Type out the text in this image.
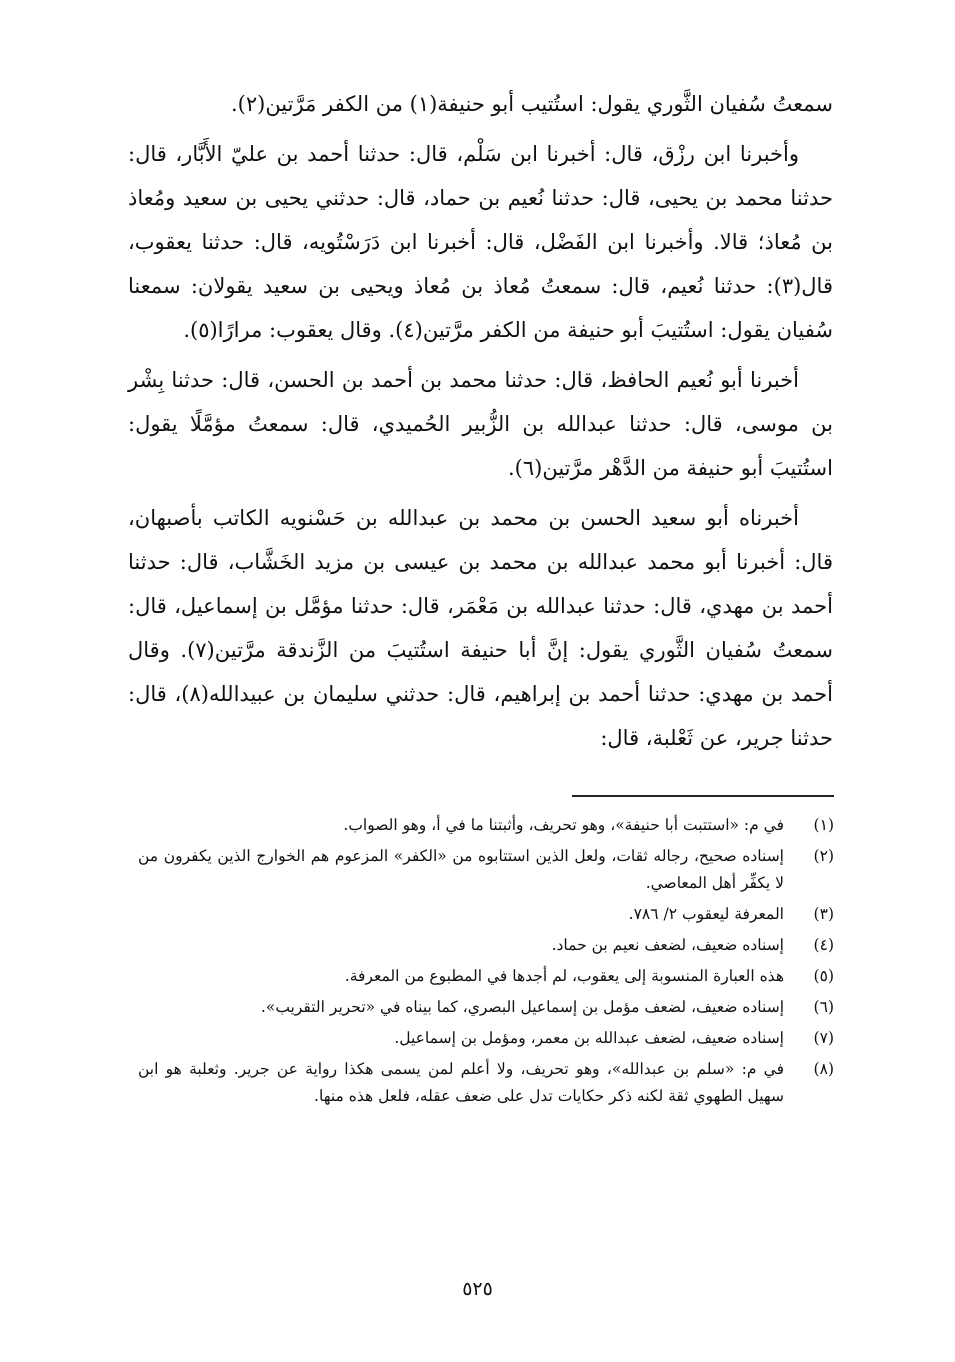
سمعتُ سُفيان الثَّوري يقول: استُتيب أبو حنيفة(١) من الكفر مَرَّتين(٢).

وأخبرنا ابن رزْق، قال: أخبرنا ابن سَلْم، قال: حدثنا أحمد بن عليّ الأَبَّار، قال: حدثنا محمد بن يحيى، قال: حدثنا نُعيم بن حماد، قال: حدثني يحيى بن سعيد ومُعاذ بن مُعاذ؛ قالا. وأخبرنا ابن الفَضْل، قال: أخبرنا ابن دَرَسْتُويه، قال: حدثنا يعقوب، قال(٣): حدثنا نُعيم، قال: سمعتُ مُعاذ بن مُعاذ ويحيى بن سعيد يقولان: سمعنا سُفيان يقول: استُتيبَ أبو حنيفة من الكفر مرَّتين(٤). وقال يعقوب: مرارًا(٥).

أخبرنا أبو نُعيم الحافظ، قال: حدثنا محمد بن أحمد بن الحسن، قال: حدثنا بِشْر بن موسى، قال: حدثنا عبدالله بن الزُّبير الحُميدي، قال: سمعتُ مؤمَّلًا يقول: استُتيبَ أبو حنيفة من الدَّهْر مرَّتين(٦).

أخبرناه أبو سعيد الحسن بن محمد بن عبدالله بن حَسْنويه الكاتب بأصبهان، قال: أخبرنا أبو محمد عبدالله بن محمد بن عيسى بن مزيد الخَشَّاب، قال: حدثنا أحمد بن مهدي، قال: حدثنا عبدالله بن مَعْمَر، قال: حدثنا مؤمَّل بن إسماعيل، قال: سمعتُ سُفيان الثَّوري يقول: إنَّ أبا حنيفة استُتيبَ من الزَّندقة مرَّتين(٧). وقال أحمد بن مهدي: حدثنا أحمد بن إبراهيم، قال: حدثني سليمان بن عبيدالله(٨)، قال: حدثنا جرير، عن ثَعْلبة، قال:

(١)
في م: «استتبت أبا حنيفة»، وهو تحريف، وأثبتنا ما في أ، وهو الصواب.
(٢)
إسناده صحيح، رجاله ثقات، ولعل الذين استتابوه من «الكفر» المزعوم هم الخوارج الذين يكفرون من لا يكفِّر أهل المعاصي.
(٣)
المعرفة ليعقوب ٢/ ٧٨٦.
(٤)
إسناده ضعيف، لضعف نعيم بن حماد.
(٥)
هذه العبارة المنسوبة إلى يعقوب، لم أجدها في المطبوع من المعرفة.
(٦)
إسناده ضعيف، لضعف مؤمل بن إسماعيل البصري، كما بيناه في «تحرير التقريب».
(٧)
إسناده ضعيف، لضعف عبدالله بن معمر، ومؤمل بن إسماعيل.
(٨)
في م: «سلم بن عبدالله»، وهو تحريف، ولا أعلم لمن يسمى هكذا رواية عن جرير. وثعلبة هو ابن سهيل الطهوي ثقة لكنه ذكر حكايات تدل على ضعف عقله، فلعل هذه منها.
٥٢٥
